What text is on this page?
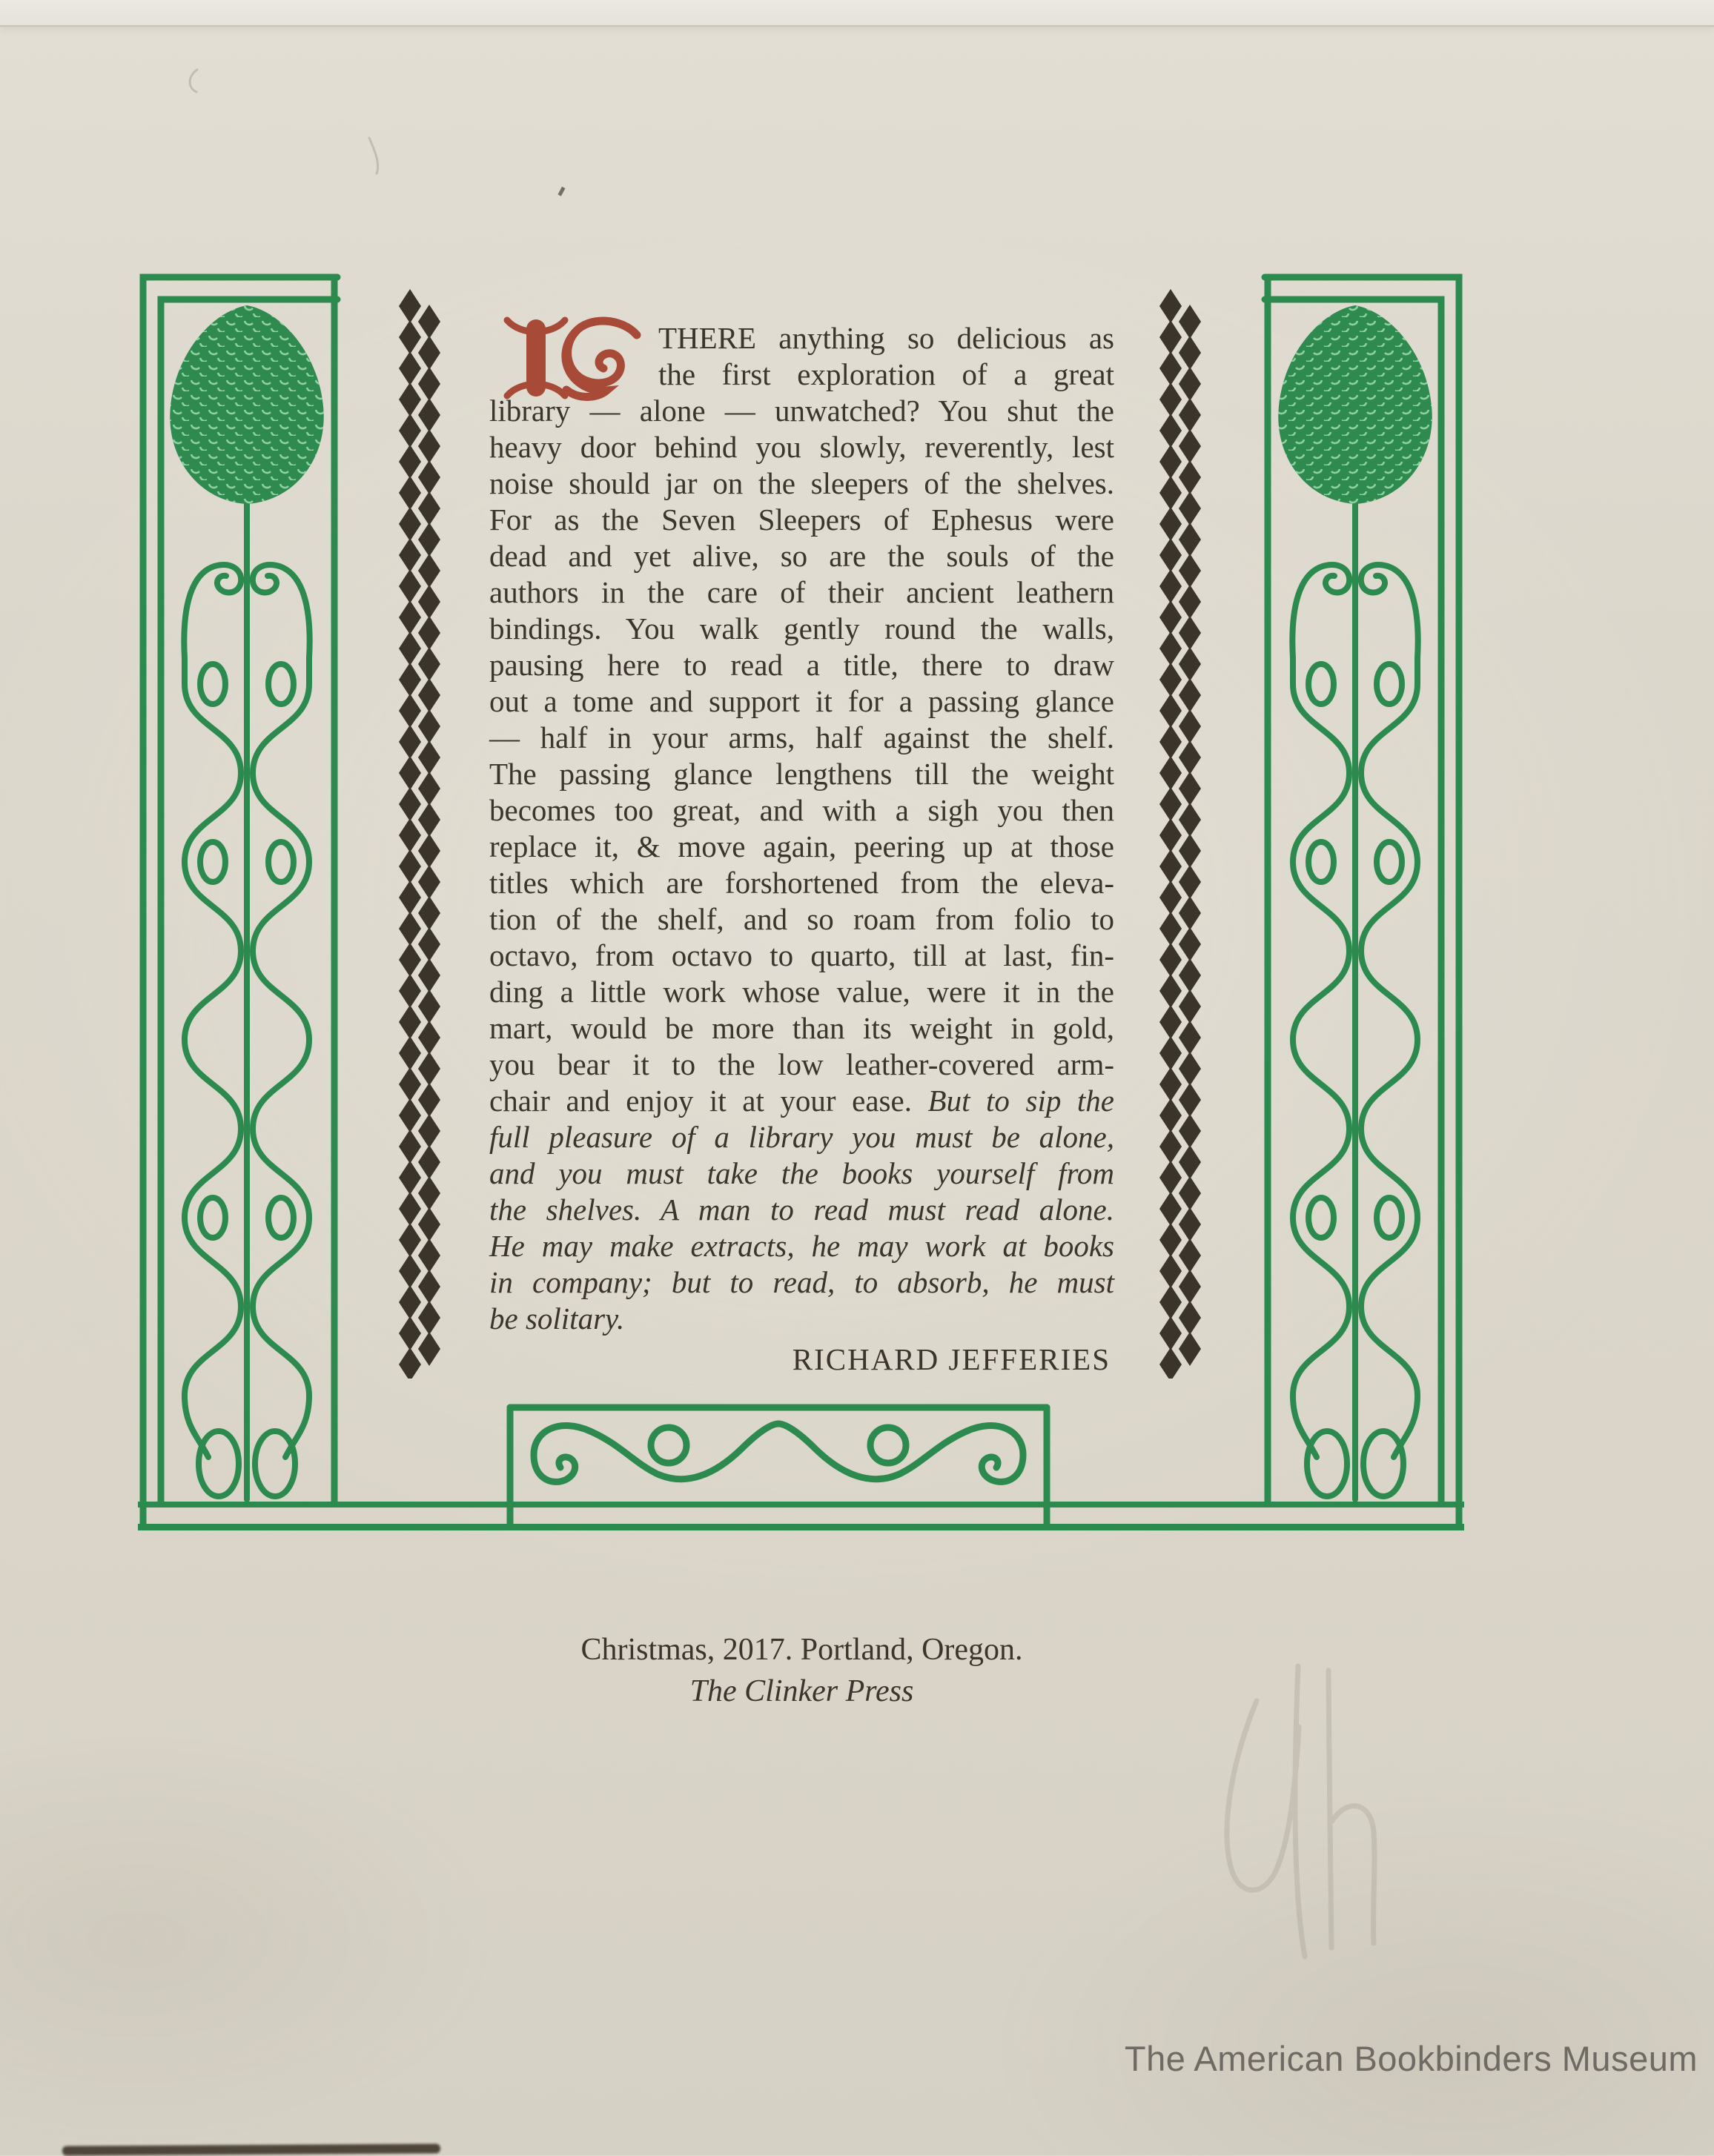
THERE anything so delicious as
the first exploration of a great
library — alone — unwatched? You shut the
heavy door behind you slowly, reverently, lest
noise should jar on the sleepers of the shelves.
For as the Seven Sleepers of Ephesus were
dead and yet alive, so are the souls of the
authors in the care of their ancient leathern
bindings. You walk gently round the walls,
pausing here to read a title, there to draw
out a tome and support it for a passing glance
— half in your arms, half against the shelf.
The passing glance lengthens till the weight
becomes too great, and with a sigh you then
replace it, & move again, peering up at those
titles which are forshortened from the eleva-
tion of the shelf, and so roam from folio to
octavo, from octavo to quarto, till at last, fin-
ding a little work whose value, were it in the
mart, would be more than its weight in gold,
you bear it to the low leather-covered arm-
chair and enjoy it at your ease. But to sip the
full pleasure of a library you must be alone,
and you must take the books yourself from
the shelves. A man to read must read alone.
He may make extracts, he may work at books
in company; but to read, to absorb, he must
be solitary.
RICHARD JEFFERIES
Christmas, 2017. Portland, Oregon.
The Clinker Press
The American Bookbinders Museum
